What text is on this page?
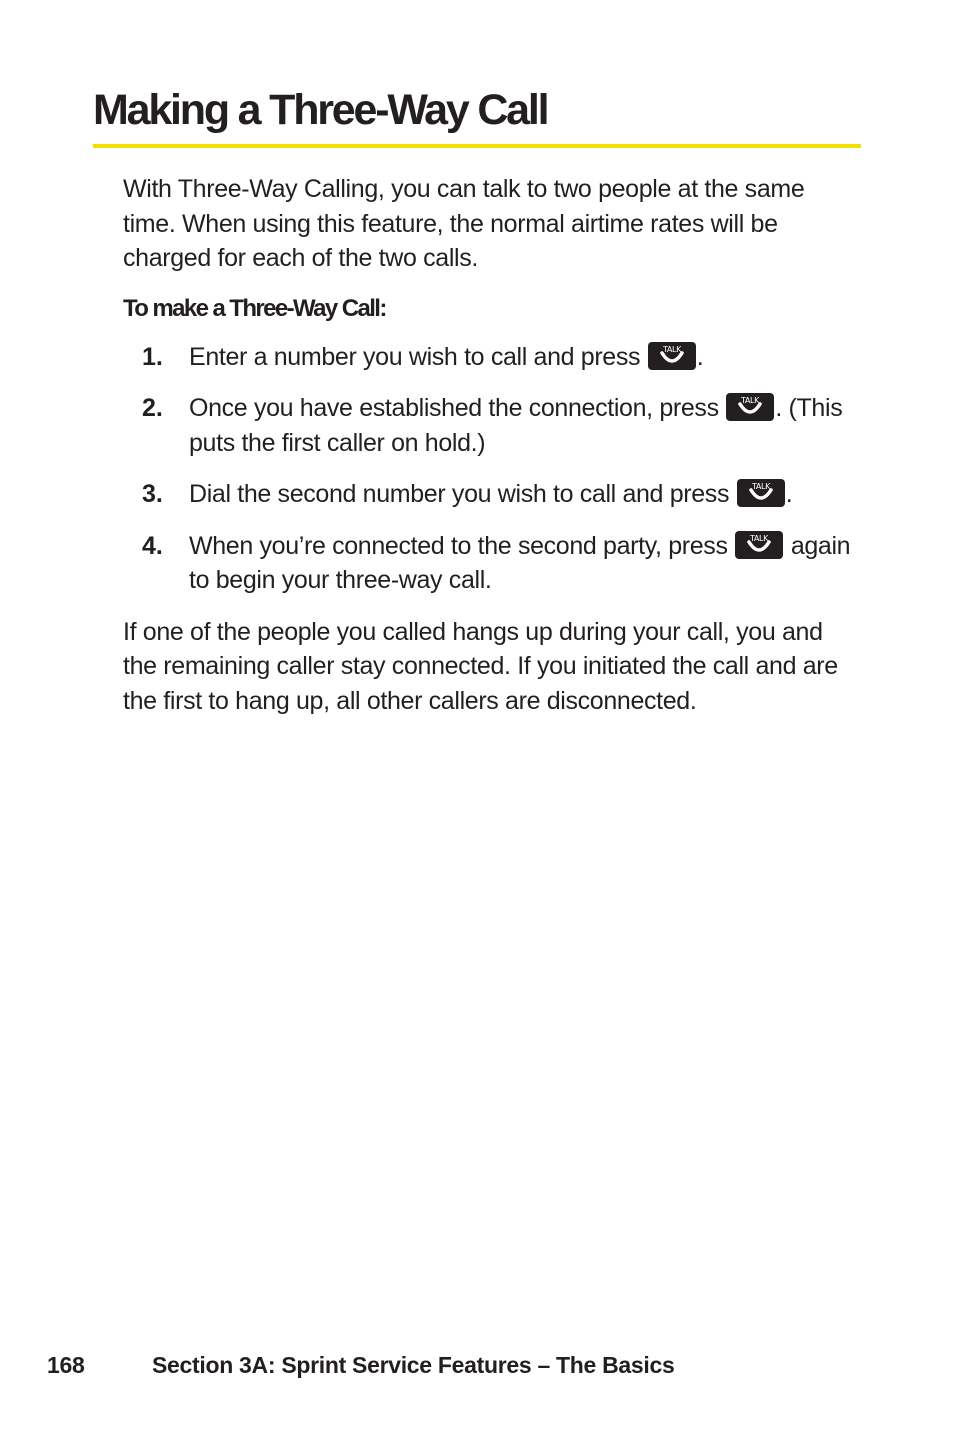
Making a Three-Way Call

With Three-Way Calling, you can talk to two people at the same time. When using this feature, the normal airtime rates will be charged for each of the two calls.

To make a Three-Way Call:

1. Enter a number you wish to call and press	TALK .
2. Once you have established the connection, press	TALK . (This puts the first caller on hold.)
3. Dial the second number you wish to call and press	TALK .
4. When you’re connected to the second party, press	TALK again to begin your three-way call.

If one of the people you called hangs up during your call, you and the remaining caller stay connected. If you initiated the call and are the first to hang up, all other callers are disconnected.

168	Section 3A: Sprint Service Features – The Basics
